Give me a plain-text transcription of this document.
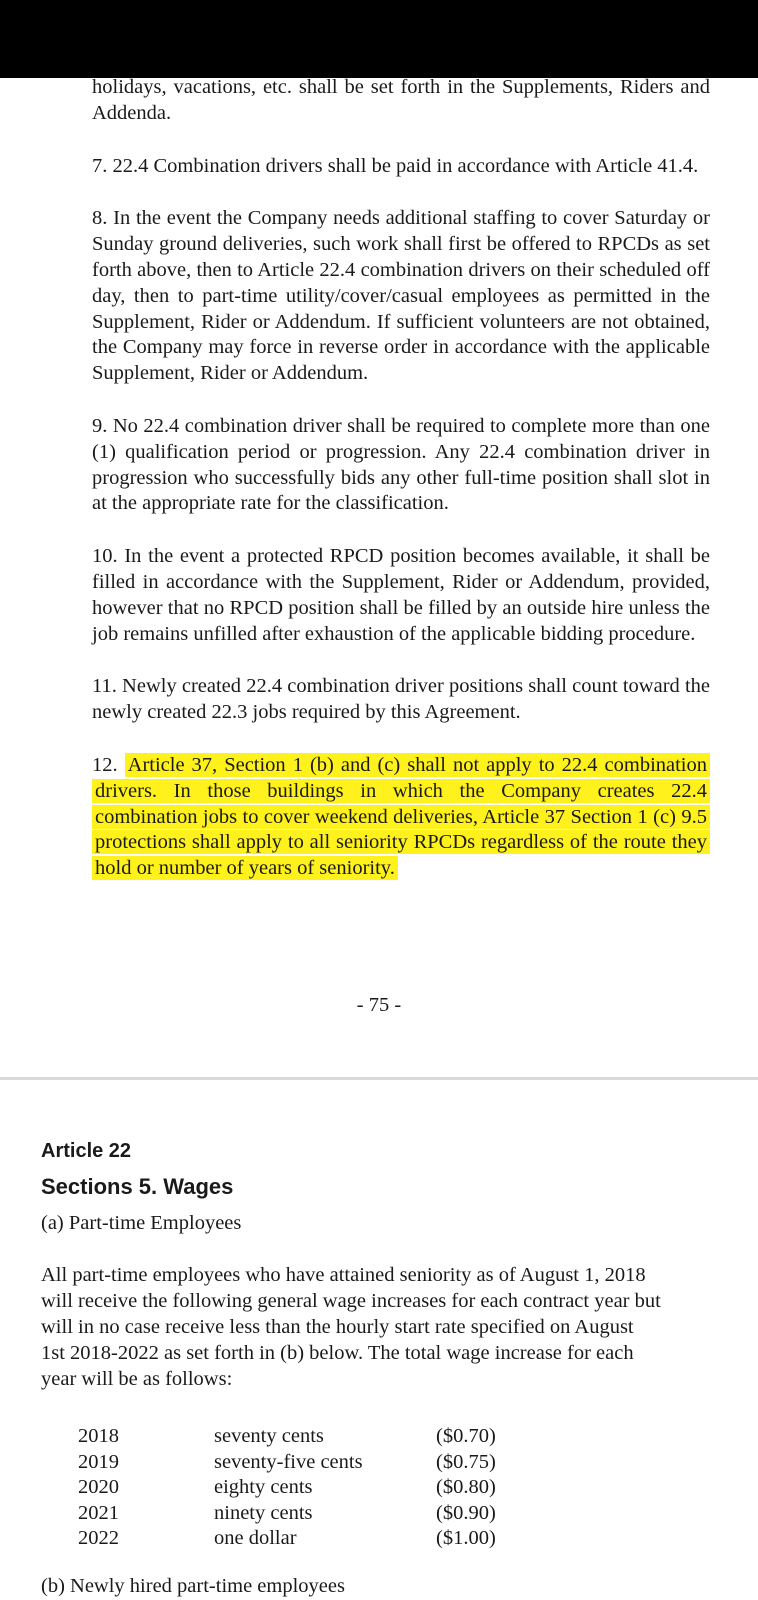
holidays, vacations, etc. shall be set forth in the Supplements, Riders and Addenda.

7. 22.4 Combination drivers shall be paid in accordance with Article 41.4.

8. In the event the Company needs additional staffing to cover Saturday or Sunday ground deliveries, such work shall first be offered to RPCDs as set forth above, then to Article 22.4 combination drivers on their scheduled off day, then to part-time utility/cover/casual employees as permitted in the Supplement, Rider or Addendum. If sufficient volunteers are not obtained, the Company may force in reverse order in accordance with the applicable Supplement, Rider or Addendum.

9. No 22.4 combination driver shall be required to complete more than one (1) qualification period or progression. Any 22.4 combination driver in progression who successfully bids any other full-time position shall slot in at the appropriate rate for the classification.

10. In the event a protected RPCD position becomes available, it shall be filled in accordance with the Supplement, Rider or Addendum, provided, however that no RPCD position shall be filled by an outside hire unless the job remains unfilled after exhaustion of the applicable bidding procedure.

11. Newly created 22.4 combination driver positions shall count toward the newly created 22.3 jobs required by this Agreement.

12. Article 37, Section 1 (b) and (c) shall not apply to 22.4 combination drivers. In those buildings in which the Company creates 22.4 combination jobs to cover weekend deliveries, Article 37 Section 1 (c) 9.5 protections shall apply to all seniority RPCDs regardless of the route they hold or number of years of seniority.

- 75 -

Article 22

Sections 5. Wages

(a) Part-time Employees

All part-time employees who have attained seniority as of August 1, 2018 will receive the following general wage increases for each contract year but will in no case receive less than the hourly start rate specified on August 1st 2018-2022 as set forth in (b) below. The total wage increase for each year will be as follows:

2018	seventy cents	($0.70)
2019	seventy-five cents	($0.75)
2020	eighty cents	($0.80)
2021	ninety cents	($0.90)
2022	one dollar	($1.00)

(b) Newly hired part-time employees
